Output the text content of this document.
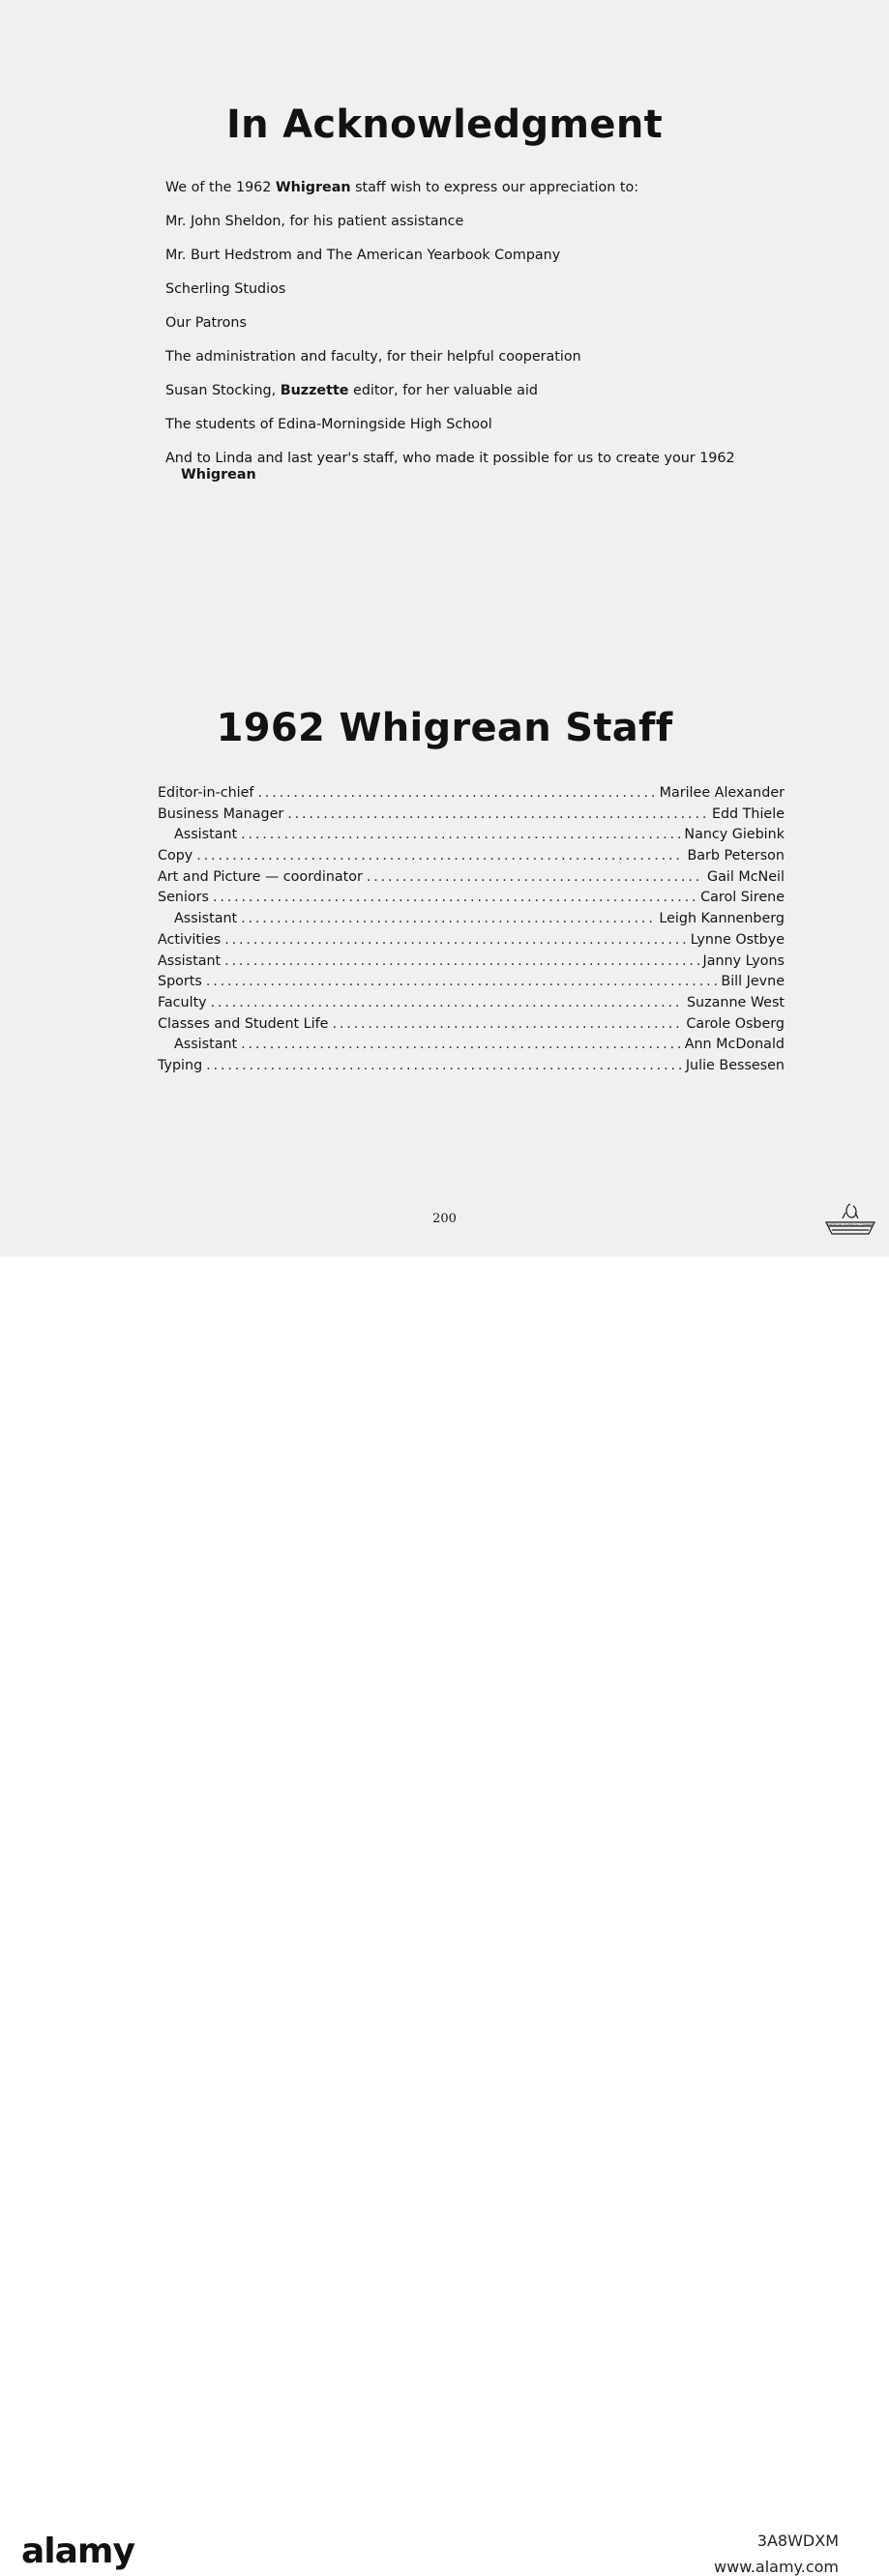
In Acknowledgment

We of the 1962 Whigrean staff wish to express our appreciation to:

Mr. John Sheldon, for his patient assistance

Mr. Burt Hedstrom and The American Yearbook Company

Scherling Studios

Our Patrons

The administration and faculty, for their helpful cooperation

Susan Stocking, Buzzette editor, for her valuable aid

The students of Edina-Morningside High School

And to Linda and last year's staff, who made it possible for us to create your 1962
Whigrean

1962 Whigrean Staff
Editor-in-chief . . .	Marilee Alexander
Business Manager . . .	Edd Thiele
Assistant . . .	Nancy Giebink
Copy . . .	Barb Peterson
Art and Picture — coordinator . . .	Gail McNeil
Seniors . . .	Carol Sirene
Assistant . . .	Leigh Kannenberg
Activities . . .	Lynne Ostbye
Assistant . . .	Janny Lyons
Sports . . .	Bill Jevne
Faculty . . .	Suzanne West
Classes and Student Life . . .	Carole Osberg
Assistant . . .	Ann McDonald
Typing . . .	Julie Bessesen
200	AMERICAN YEARBOOK COMPANY
alamy	3A8WDXM
www.alamy.com
